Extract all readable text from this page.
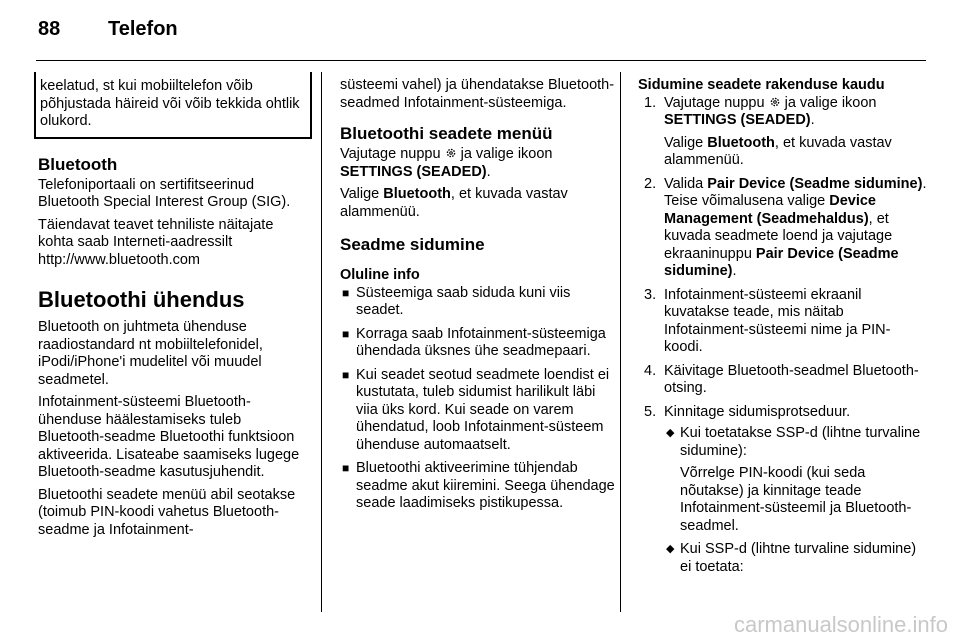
88 Telefon
keelatud, st kui mobiiltelefon võib põhjustada häireid või võib tekkida ohtlik olukord.
Bluetooth

Telefoniportaali on sertifitseerinud Bluetooth Special Interest Group (SIG).

Täiendavat teavet tehniliste näitajate kohta saab Interneti-aadressilt http://www.bluetooth.com

Bluetoothi ühendus

Bluetooth on juhtmeta ühenduse raadiostandard nt mobiiltelefonidel, iPodi/iPhone'i mudelitel või muudel seadmetel.

Infotainment-süsteemi Bluetooth-ühenduse häälestamiseks tuleb Bluetooth-seadme Bluetoothi funktsioon aktiveerida. Lisateabe saamiseks lugege Bluetooth-seadme kasutusjuhendit.

Bluetoothi seadete menüü abil seotakse (toimub PIN-koodi vahetus Bluetooth-seadme ja Infotainment-

süsteemi vahel) ja ühendatakse Bluetooth-seadmed Infotainment-süsteemiga.

Bluetoothi seadete menüü

Vajutage nuppu ja valige ikoon SETTINGS (SEADED).

Valige Bluetooth, et kuvada vastav alammenüü.

Seadme sidumine
Oluline info
■ Süsteemiga saab siduda kuni viis seadet.
■ Korraga saab Infotainment-süsteemiga ühendada üksnes ühe seadmepaari.
■ Kui seadet seotud seadmete loendist ei kustutata, tuleb sidumist harilikult läbi viia üks kord. Kui seade on varem ühendatud, loob Infotainment-süsteem ühenduse automaatselt.
■ Bluetoothi aktiveerimine tühjendab seadme akut kiiremini. Seega ühendage seade laadimiseks pistikupessa.
Sidumine seadete rakenduse kaudu
1. Vajutage nuppu ja valige ikoon SETTINGS (SEADED).

Valige Bluetooth, et kuvada vastav alammenüü.

2. Valida Pair Device (Seadme sidumine). Teise võimalusena valige Device Management (Seadmehaldus), et kuvada seadmete loend ja vajutage ekraaninuppu Pair Device (Seadme sidumine).

3. Infotainment-süsteemi ekraanil kuvatakse teade, mis näitab Infotainment-süsteemi nime ja PIN-koodi.
4. Käivitage Bluetooth-seadmel Bluetooth-otsing.
5. Kinnitage sidumisprotseduur.
◆ Kui toetatakse SSP-d (lihtne turvaline sidumine):

Võrrelge PIN-koodi (kui seda nõutakse) ja kinnitage teade Infotainment-süsteemil ja Bluetooth-seadmel.

◆ Kui SSP-d (lihtne turvaline sidumine) ei toetata:
carmanualsonline.info
